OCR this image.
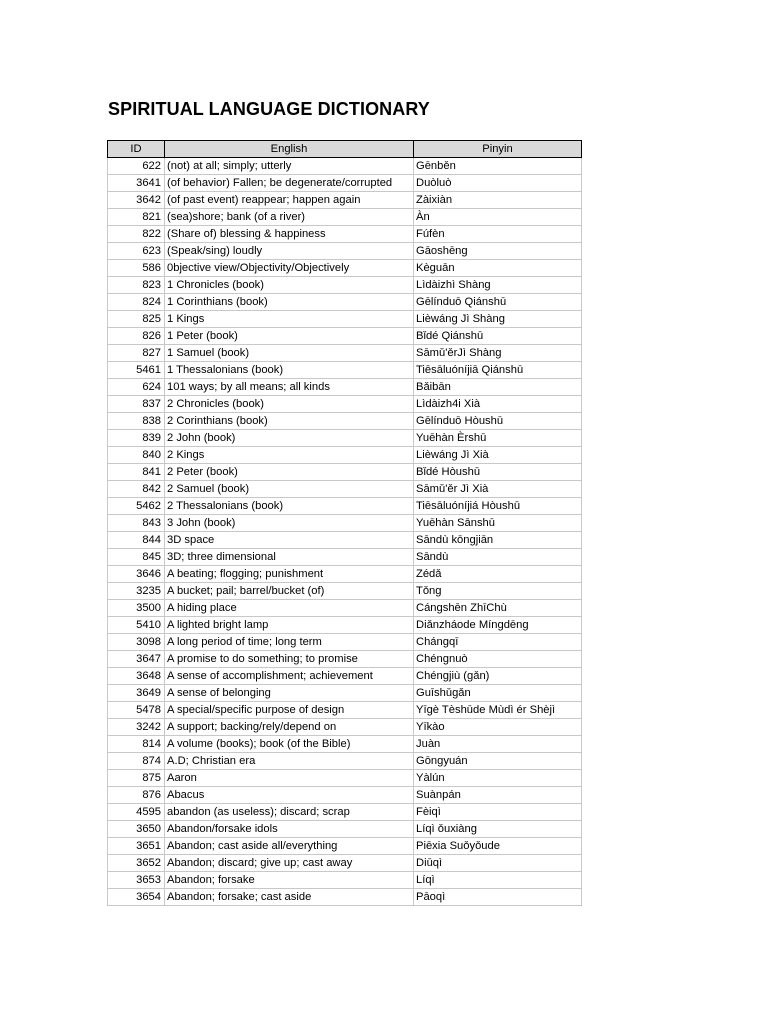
SPIRITUAL LANGUAGE DICTIONARY
ID	English	Pinyin
622	(not) at all; simply; utterly	Gēnběn
3641	(of behavior) Fallen; be degenerate/corrupted	Duòluò
3642	(of past event) reappear; happen again	Zàixiàn
821	(sea)shore; bank (of a river)	Àn
822	(Share of) blessing & happiness	Fúfèn
623	(Speak/sing) loudly	Gāoshēng
586	0bjective view/Objectivity/Objectively	Kèguān
823	1 Chronicles (book)	Lìdàizhì Shàng
824	1 Corinthians (book)	Gēlínduō Qiánshū
825	1 Kings	Lièwáng Jì Shàng
826	1 Peter (book)	Bǐdé Qiánshū
827	1 Samuel (book)	Sāmǔ'ěrJì Shàng
5461	1 Thessalonians (book)	Tiēsāluóníjiā Qiánshū
624	101 ways; by all means; all kinds	Bǎibān
837	2 Chronicles (book)	Lìdàizh4i Xià
838	2 Corinthians (book)	Gēlínduō Hòushū
839	2 John (book)	Yuēhàn Èrshū
840	2 Kings	Lièwáng Jì Xià
841	2 Peter (book)	Bǐdé Hòushū
842	2 Samuel (book)	Sāmǔ'ěr Jì Xià
5462	2 Thessalonians (book)	Tiēsāluóníjiá Hòushū
843	3 John (book)	Yuēhàn Sānshū
844	3D space	Sāndù kōngjiān
845	3D; three dimensional	Sāndù
3646	A beating; flogging; punishment	Zédǎ
3235	A bucket; pail; barrel/bucket (of)	Tǒng
3500	A hiding place	Cángshēn ZhīChù
5410	A lighted bright lamp	Diǎnzháode Míngdēng
3098	A long period of time; long term	Chángqī
3647	A promise to do something; to promise	Chéngnuò
3648	A sense of accomplishment; achievement	Chéngjiù (gǎn)
3649	A sense of belonging	Guīshǔgǎn
5478	A special/specific purpose of design	Yīgè Tèshūde Mùdì ér Shèjì
3242	A support; backing/rely/depend on	Yīkào
814	A volume (books); book (of the Bible)	Juàn
874	A.D; Christian era	Gōngyuán
875	Aaron	Yàlún
876	Abacus	Suànpán
4595	abandon (as useless); discard; scrap	Fèiqì
3650	Abandon/forsake idols	Líqì ǒuxiàng
3651	Abandon; cast aside all/everything	Piēxia Suǒyǒude
3652	Abandon; discard; give up; cast away	Diūqì
3653	Abandon; forsake	Líqì
3654	Abandon; forsake; cast aside	Pāoqì
